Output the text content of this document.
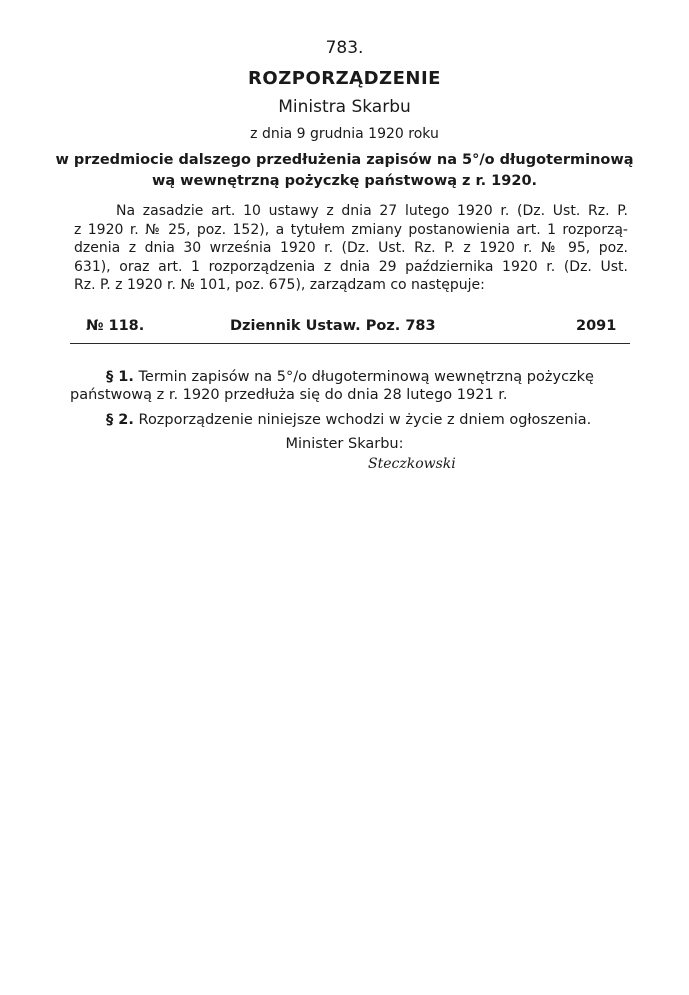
783.
ROZPORZĄDZENIE
Ministra Skarbu
z dnia 9 grudnia 1920 roku
w przedmiocie dalszego przedłużenia zapisów na 5°/o długoterminową
wą wewnętrzną pożyczkę państwową z r. 1920.
Na zasadzie art. 10 ustawy z dnia 27 lutego 1920 r. (Dz. Ust. Rz. P.
z 1920 r. № 25, poz. 152), a tytułem zmiany postanowienia art. 1 rozporzą-
dzenia z dnia 30 września 1920 r. (Dz. Ust. Rz. P. z 1920 r. № 95, poz.
631), oraz art. 1 rozporządzenia z dnia 29 października 1920 r. (Dz. Ust.
Rz. P. z 1920 r. № 101, poz. 675), zarządzam co następuje:
№ 118.	Dziennik Ustaw. Poz. 783	2091
§ 1. Termin zapisów na 5°/o długoterminową wewnętrzną pożyczkę
państwową z r. 1920 przedłuża się do dnia 28 lutego 1921 r.
§ 2. Rozporządzenie niniejsze wchodzi w życie z dniem ogłoszenia.
Minister Skarbu:
Steczkowski
